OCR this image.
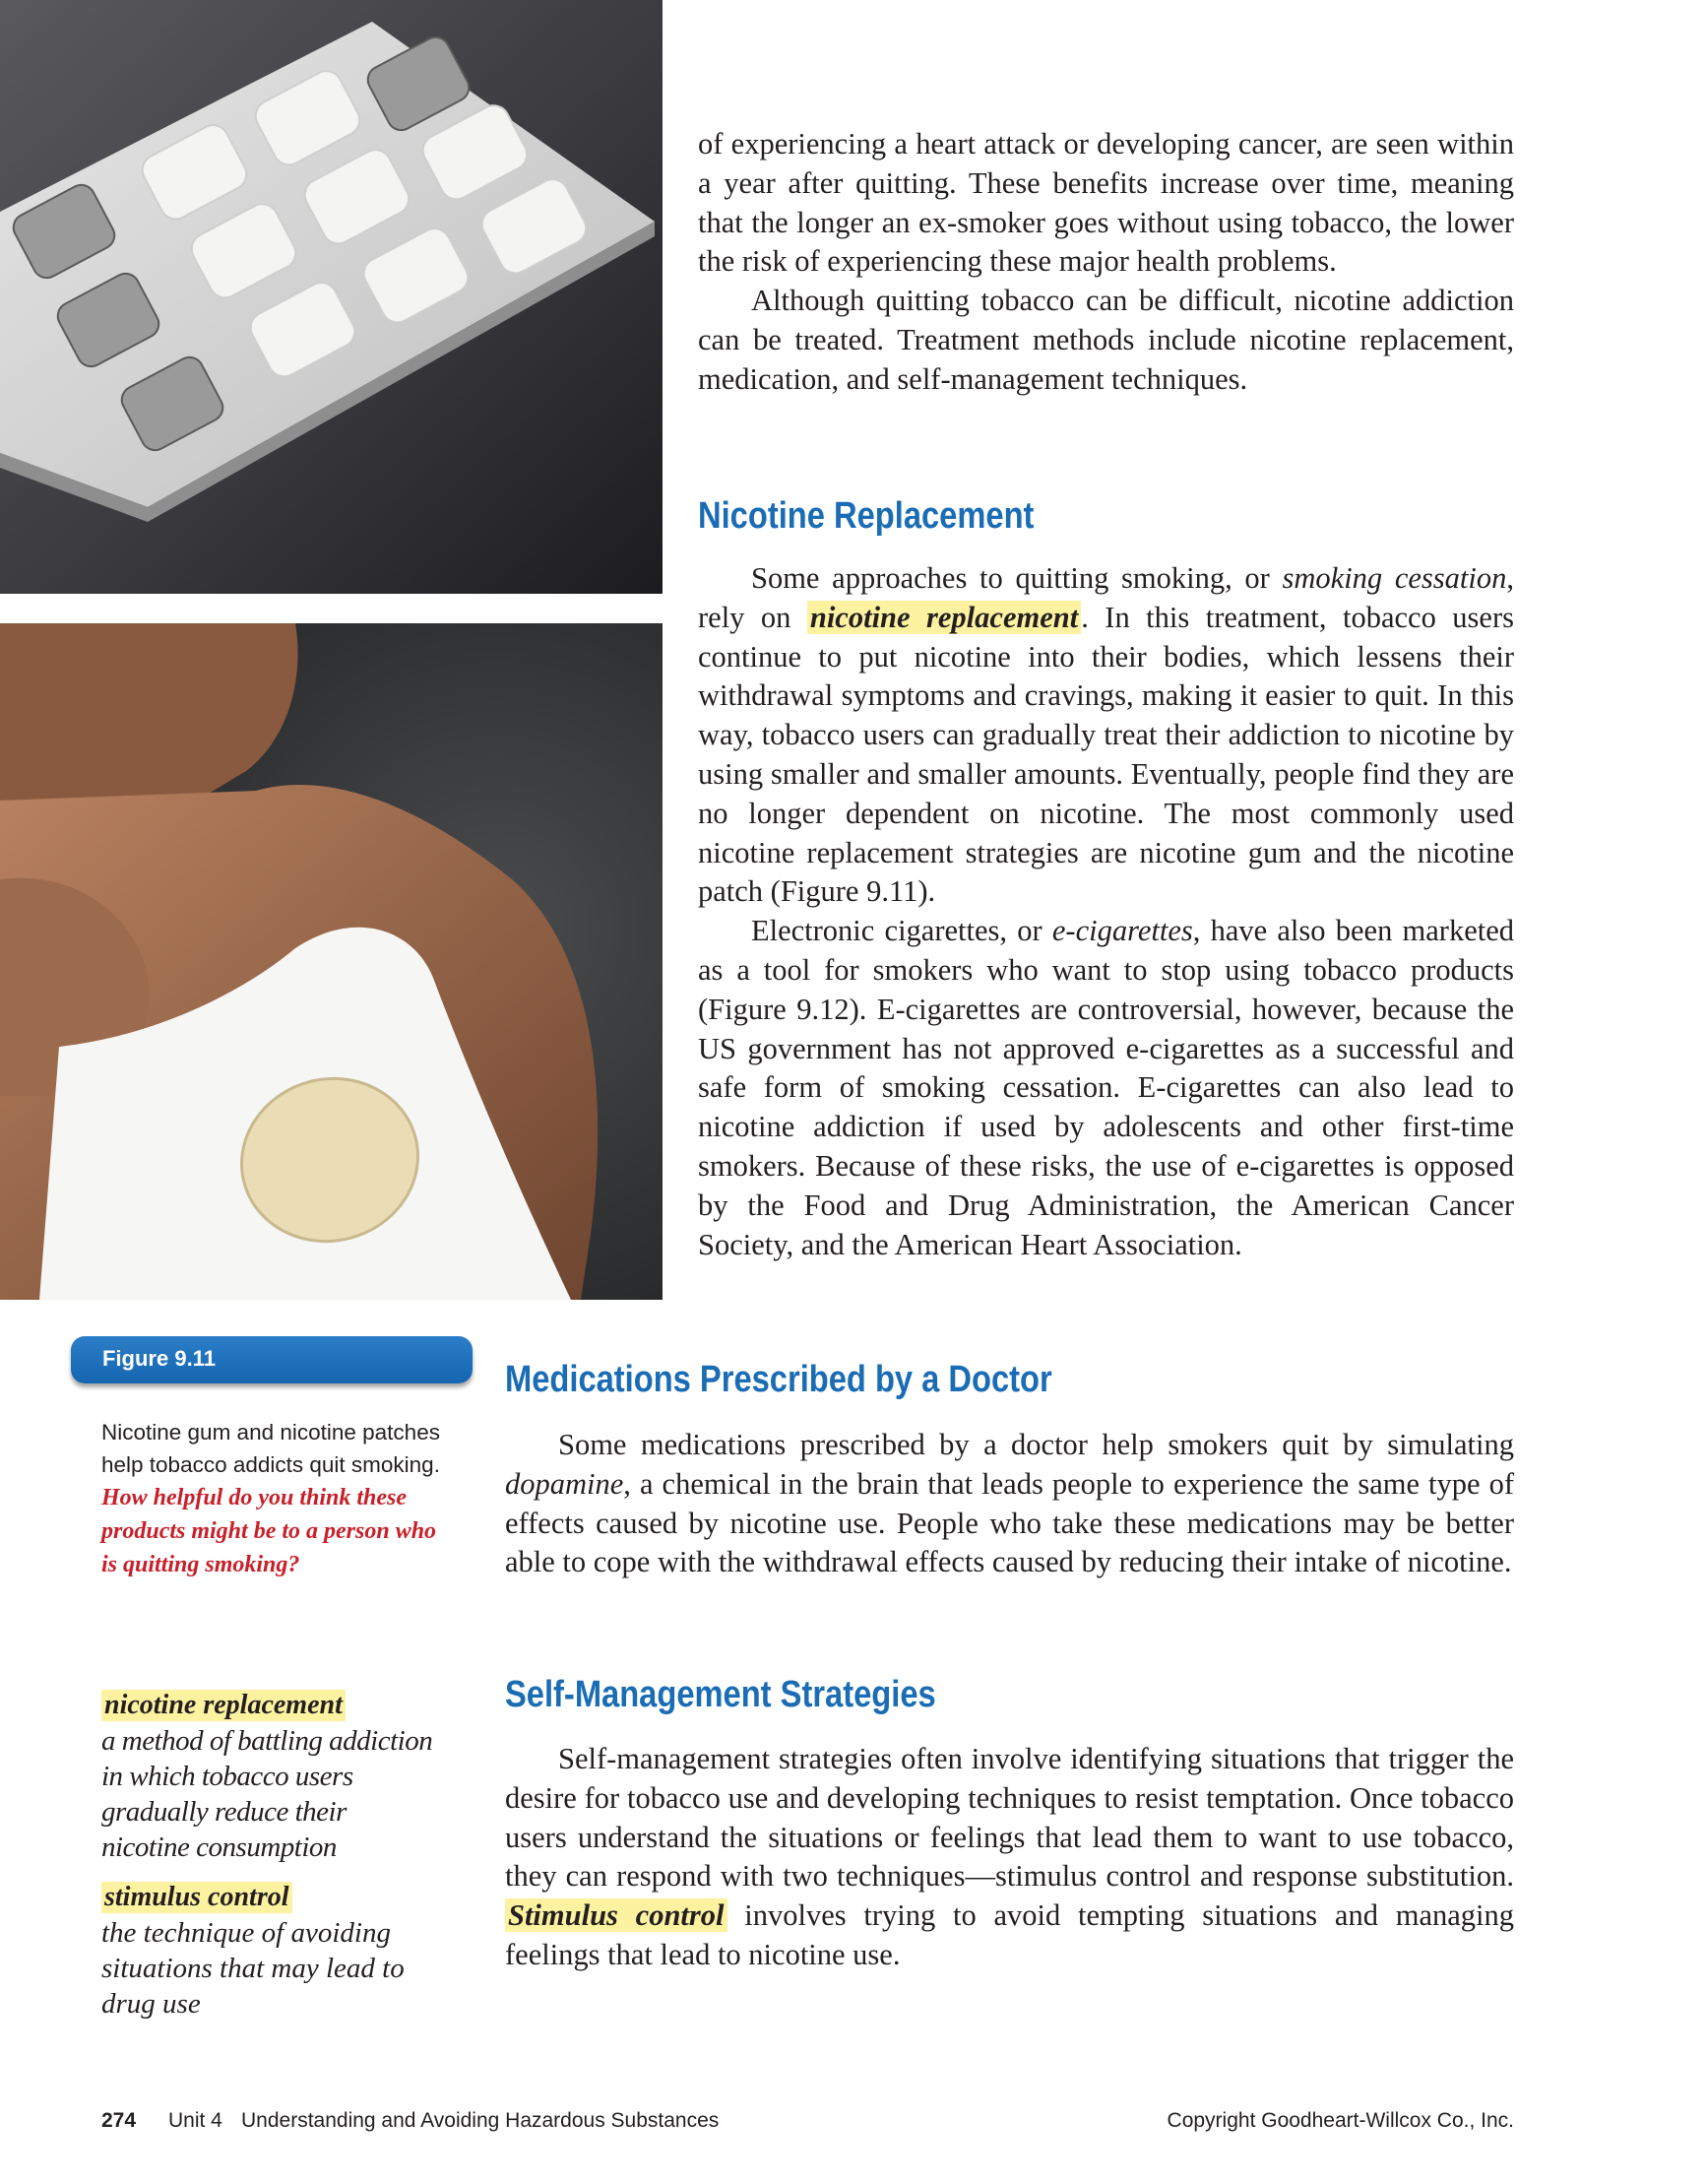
of experiencing a heart attack or developing cancer, are seen within a year after quitting. These benefits increase over time, meaning that the longer an ex-smoker goes without using tobacco, the lower the risk of experiencing these major health problems.

Although quitting tobacco can be difficult, nicotine addiction can be treated. Treatment methods include nicotine replacement, medication, and self-management techniques.

Nicotine Replacement

Some approaches to quitting smoking, or smoking cessation, rely on nicotine replacement. In this treatment, tobacco users continue to put nicotine into their bodies, which lessens their withdrawal symptoms and cravings, making it easier to quit. In this way, tobacco users can gradually treat their addiction to nicotine by using smaller and smaller amounts. Eventually, people find they are no longer dependent on nicotine. The most commonly used nicotine replacement strategies are nicotine gum and the nicotine patch (Figure 9.11).

Electronic cigarettes, or e-cigarettes, have also been marketed as a tool for smokers who want to stop using tobacco products (Figure 9.12). E-cigarettes are controversial, however, because the US government has not approved e-cigarettes as a successful and safe form of smoking cessation. E-cigarettes can also lead to nicotine addiction if used by adolescents and other first-time smokers. Because of these risks, the use of e-cigarettes is opposed by the Food and Drug Administration, the American Cancer Society, and the American Heart Association.

Figure 9.11

Nicotine gum and nicotine patches help tobacco addicts quit smoking. How helpful do you think these products might be to a person who is quitting smoking?

Medications Prescribed by a Doctor

Some medications prescribed by a doctor help smokers quit by simulating dopamine, a chemical in the brain that leads people to experience the same type of effects caused by nicotine use. People who take these medications may be better able to cope with the withdrawal effects caused by reducing their intake of nicotine.

Self-Management Strategies

Self-management strategies often involve identifying situations that trigger the desire for tobacco use and developing techniques to resist temptation. Once tobacco users understand the situations or feelings that lead them to want to use tobacco, they can respond with two techniques—stimulus control and response substitution. Stimulus control involves trying to avoid tempting situations and managing feelings that lead to nicotine use.

nicotine replacement

a method of battling addiction in which tobacco users gradually reduce their nicotine consumption

stimulus control

the technique of avoiding situations that may lead to drug use

274 Unit 4 Understanding and Avoiding Hazardous Substances	Copyright Goodheart-Willcox Co., Inc.
